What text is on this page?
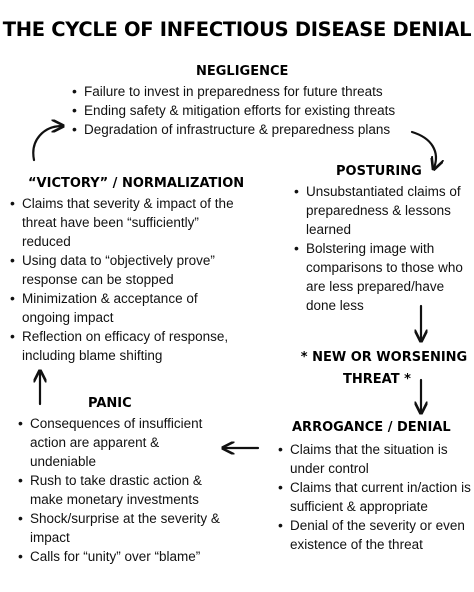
THE CYCLE OF INFECTIOUS DISEASE DENIAL
NEGLIGENCE
• Failure to invest in preparedness for future threats
• Ending safety & mitigation efforts for existing threats
• Degradation of infrastructure & preparedness plans
POSTURING
• Unsubstantiated claims of preparedness & lessons learned
• Bolstering image with comparisons to those who are less prepared/have done less
* NEW OR WORSENING
THREAT *
ARROGANCE / DENIAL
• Claims that the situation is under control
• Claims that current in/action is sufficient & appropriate
• Denial of the severity or even existence of the threat
PANIC
• Consequences of insufficient action are apparent & undeniable
• Rush to take drastic action & make monetary investments
• Shock/surprise at the severity & impact
• Calls for “unity” over “blame”
“VICTORY” / NORMALIZATION
• Claims that severity & impact of the threat have been “sufficiently” reduced
• Using data to “objectively prove” response can be stopped
• Minimization & acceptance of ongoing impact
• Reflection on efficacy of response, including blame shifting
